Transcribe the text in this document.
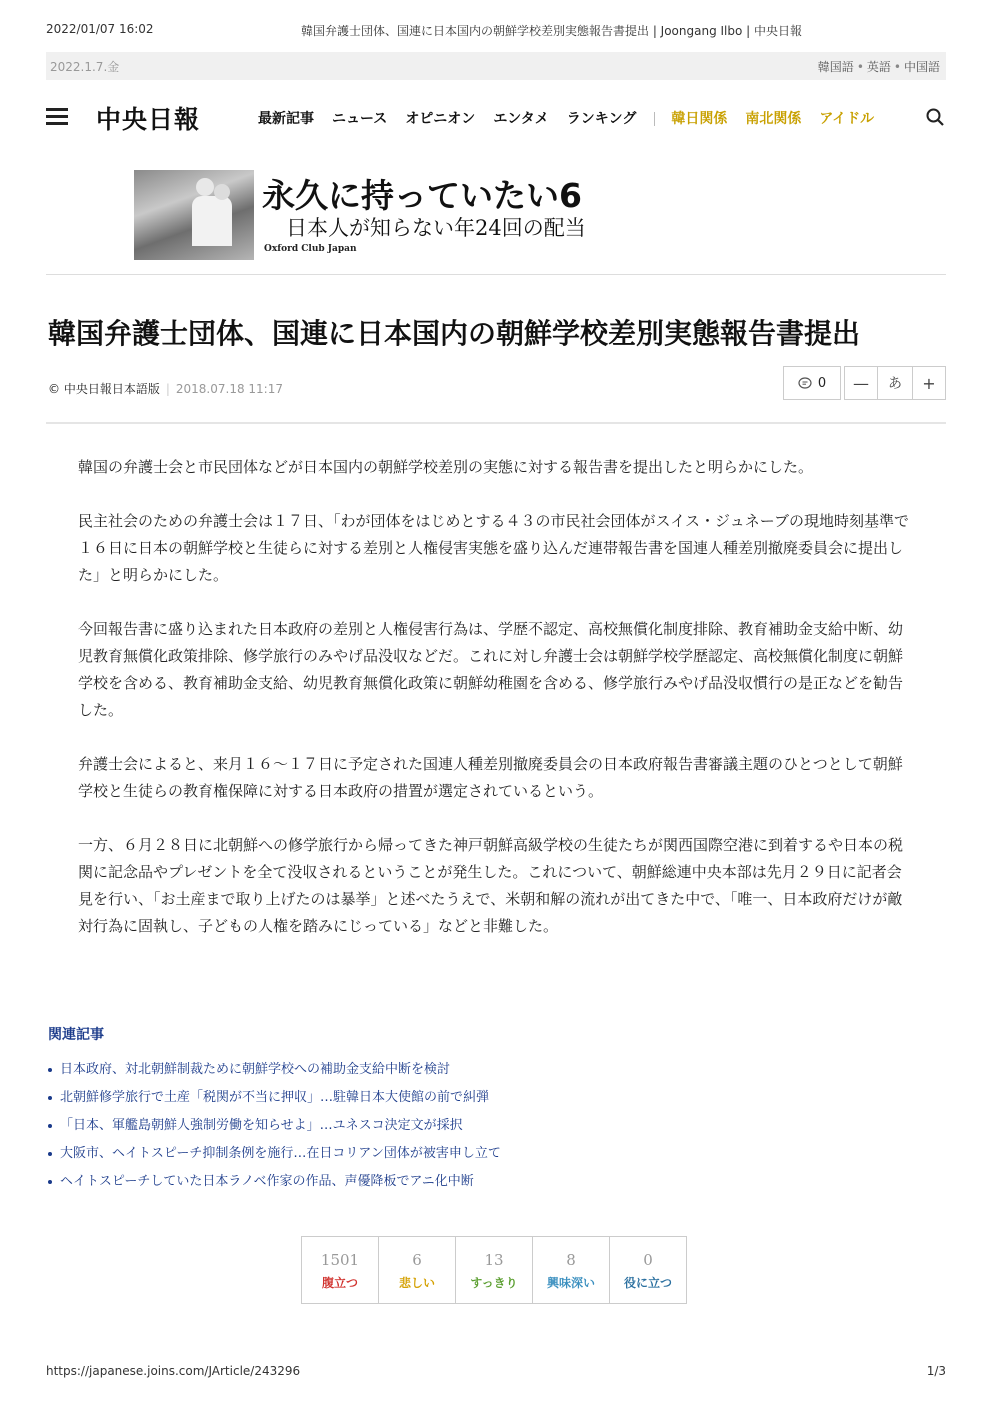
2022/01/07 16:02	韓国弁護士団体、国連に日本国内の朝鮮学校差別実態報告書提出 | Joongang Ilbo | 中央日報
2022.1.7.金	韓国語 • 英語 • 中国語
中央日報	最新記事 ニュース オピニオン エンタメ ランキング	韓日関係 南北関係 アイドル
永久に持っていたい6
日本人が知らない年24回の配当
Oxford Club Japan
韓国弁護士団体、国連に日本国内の朝鮮学校差別実態報告書提出
© 中央日報日本語版 | 2018.07.18 11:17	0	—	あ	+

韓国の弁護士会と市民団体などが日本国内の朝鮮学校差別の実態に対する報告書を提出したと明らかにした。

民主社会のための弁護士会は１７日、「わが団体をはじめとする４３の市民社会団体がスイス・ジュネーブの現地時刻基準で１６日に日本の朝鮮学校と生徒らに対する差別と人権侵害実態を盛り込んだ連帯報告書を国連人種差別撤廃委員会に提出した」と明らかにした。

今回報告書に盛り込まれた日本政府の差別と人権侵害行為は、学歴不認定、高校無償化制度排除、教育補助金支給中断、幼児教育無償化政策排除、修学旅行のみやげ品没収などだ。これに対し弁護士会は朝鮮学校学歴認定、高校無償化制度に朝鮮学校を含める、教育補助金支給、幼児教育無償化政策に朝鮮幼稚園を含める、修学旅行みやげ品没収慣行の是正などを勧告した。

弁護士会によると、来月１６～１７日に予定された国連人種差別撤廃委員会の日本政府報告書審議主題のひとつとして朝鮮学校と生徒らの教育権保障に対する日本政府の措置が選定されているという。

一方、６月２８日に北朝鮮への修学旅行から帰ってきた神戸朝鮮高級学校の生徒たちが関西国際空港に到着するや日本の税関に記念品やプレゼントを全て没収されるということが発生した。これについて、朝鮮総連中央本部は先月２９日に記者会見を行い、「お土産まで取り上げたのは暴挙」と述べたうえで、米朝和解の流れが出てきた中で、「唯一、日本政府だけが敵対行為に固執し、子どもの人権を踏みにじっている」などと非難した。

関連記事
日本政府、対北朝鮮制裁ために朝鮮学校への補助金支給中断を検討
北朝鮮修学旅行で土産「税関が不当に押収」…駐韓日本大使館の前で糾弾
「日本、軍艦島朝鮮人強制労働を知らせよ」…ユネスコ決定文が採択
大阪市、ヘイトスピーチ抑制条例を施行…在日コリアン団体が被害申し立て
ヘイトスピーチしていた日本ラノベ作家の作品、声優降板でアニ化中断
1501
腹立つ
6
悲しい
13
すっきり
8
興味深い
0
役に立つ
https://japanese.joins.com/JArticle/243296	1/3
